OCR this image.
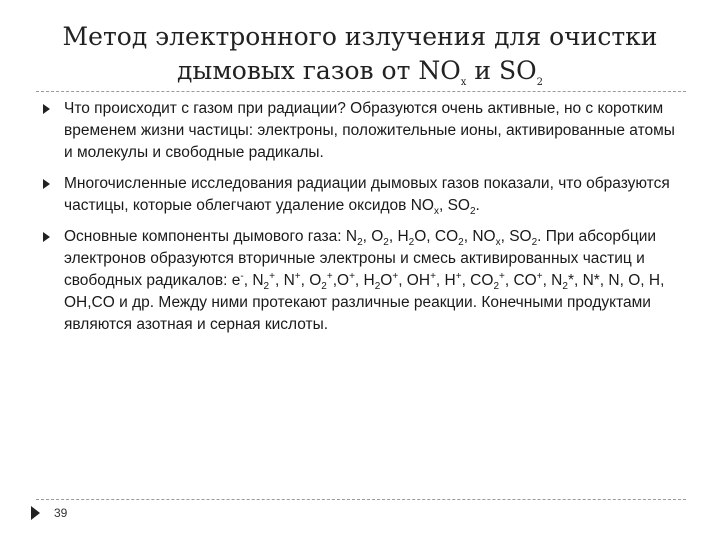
Метод электронного излучения для очистки
дымовых газов от $NO_x$ и $SO_2$
Что происходит с газом при радиации? Образуются очень активные, но с коротким временем жизни частицы: электроны, положительные ионы, активированные атомы и молекулы и свободные радикалы.
Многочисленные исследования радиации дымовых газов показали, что образуются частицы, которые облегчают удаление оксидов $NO_x$, $SO_2$.
Основные компоненты дымового газа: $N_2$, $O_2$, $H_2O$, $CO_2$, $NO_x$, $SO_2$. При абсорбции электронов образуются вторичные электроны и смесь активированных частиц и свободных радикалов: e-, $N_2^+$, N+, $O_2^+,O^+$, $H_2O^+$, OH+, H+, $CO_2^+$, CO+, $N_2*$, N*, N, O, H, OH,CO и др. Между ними протекают различные реакции. Конечными продуктами являются азотная и серная кислоты.
39
